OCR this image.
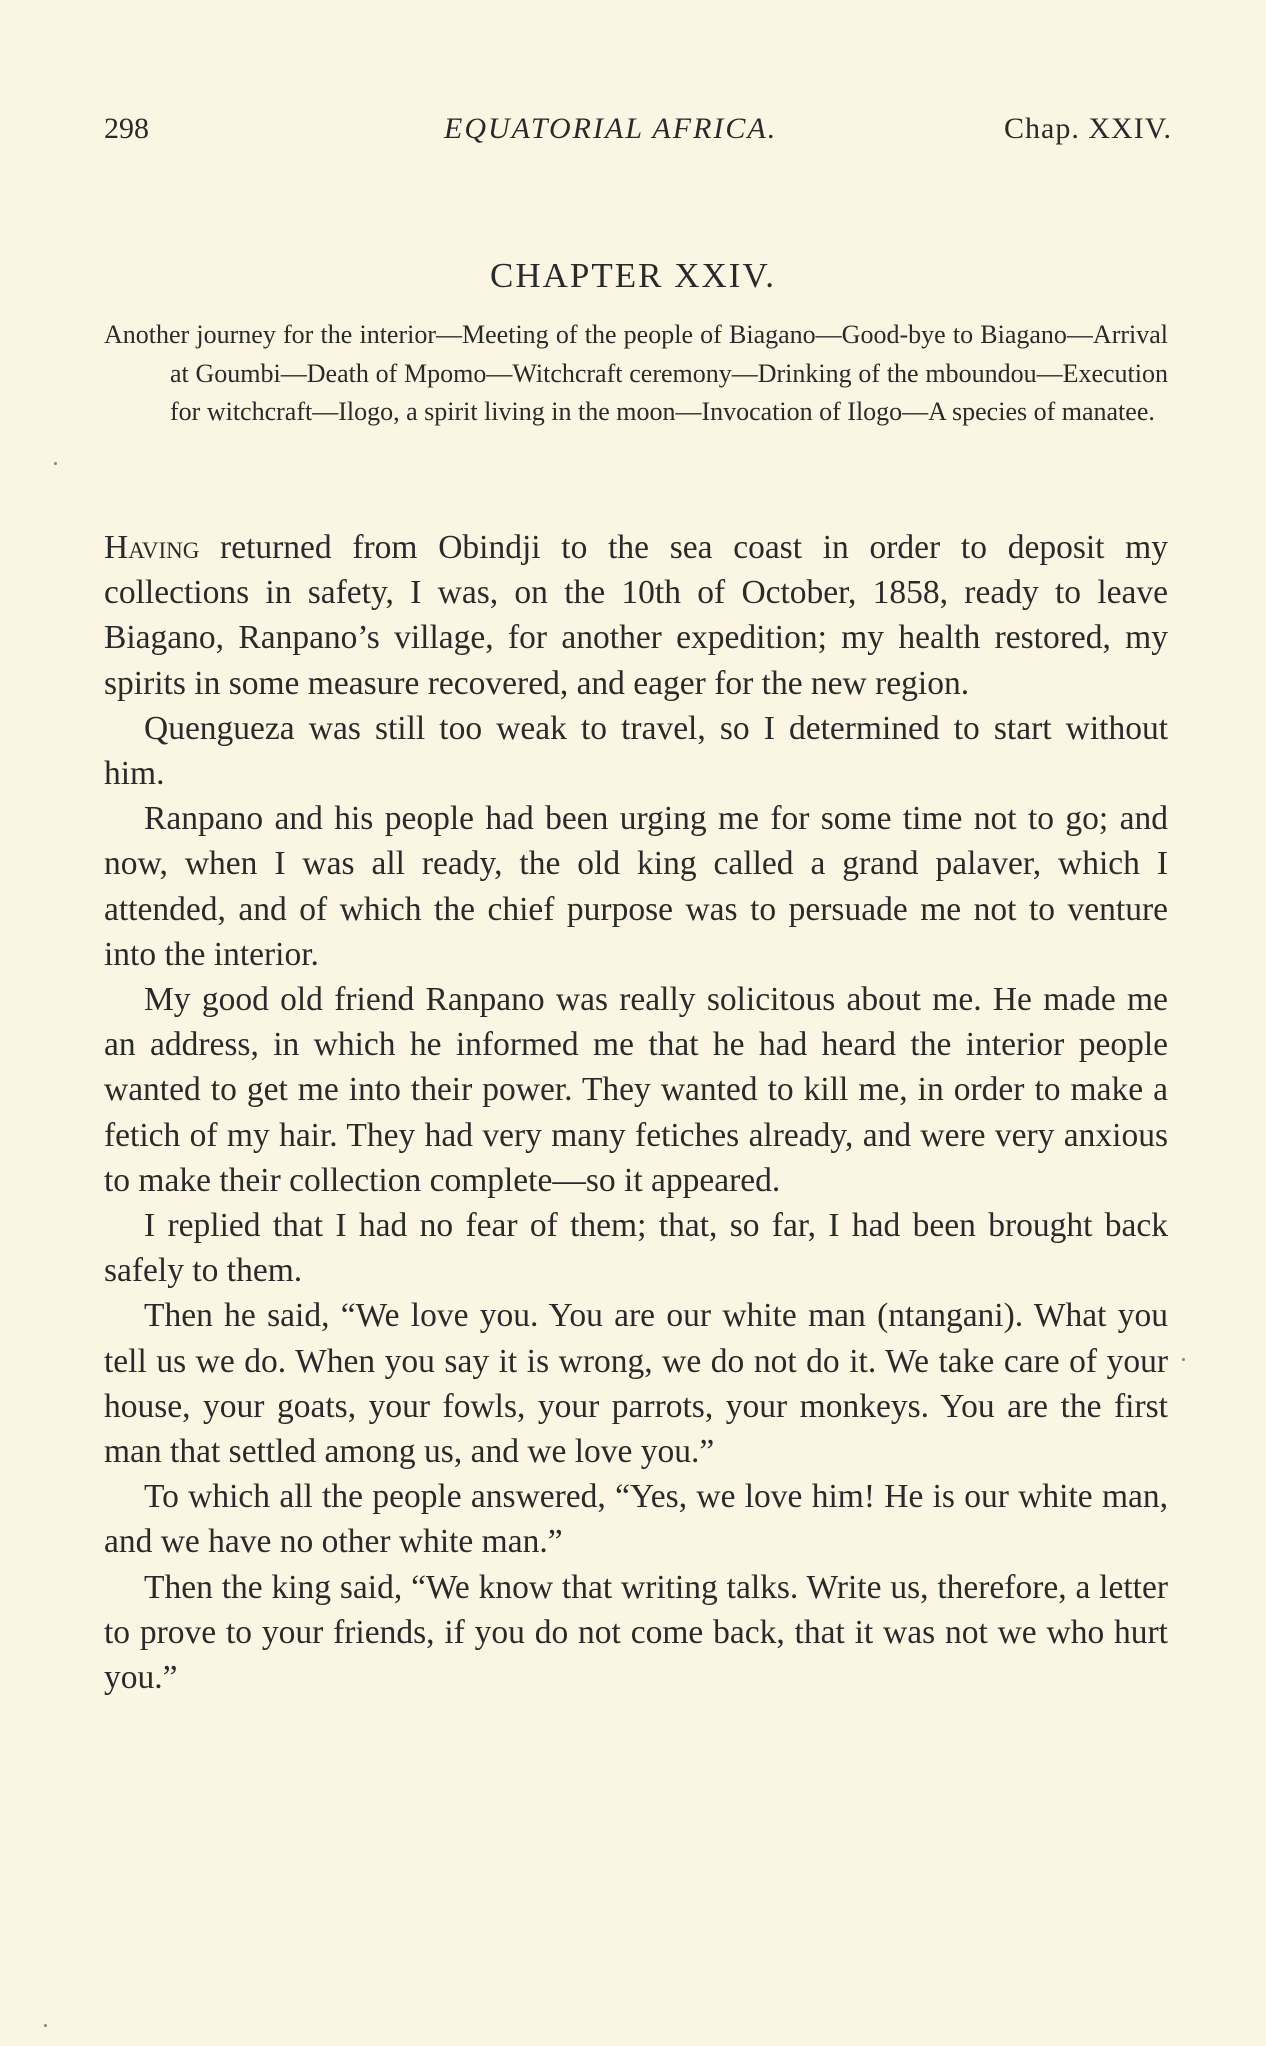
298	EQUATORIAL AFRICA.	Chap. XXIV.
CHAPTER XXIV.
Another journey for the interior—Meeting of the people of Biagano—Good-bye to Biagano—Arrival at Goumbi—Death of Mpomo—Witchcraft ceremony—Drinking of the mboundou—Execution for witchcraft—Ilogo, a spirit living in the moon—Invocation of Ilogo—A species of manatee.

Having returned from Obindji to the sea coast in order to deposit my collections in safety, I was, on the 10th of October, 1858, ready to leave Biagano, Ranpano’s village, for another expedition; my health restored, my spirits in some measure recovered, and eager for the new region.

Quengueza was still too weak to travel, so I determined to start without him.

Ranpano and his people had been urging me for some time not to go; and now, when I was all ready, the old king called a grand palaver, which I attended, and of which the chief purpose was to persuade me not to venture into the interior.

My good old friend Ranpano was really solicitous about me. He made me an address, in which he informed me that he had heard the interior people wanted to get me into their power. They wanted to kill me, in order to make a fetich of my hair. They had very many fetiches already, and were very anxious to make their collection complete—so it appeared.

I replied that I had no fear of them; that, so far, I had been brought back safely to them.

Then he said, “We love you. You are our white man (ntangani). What you tell us we do. When you say it is wrong, we do not do it. We take care of your house, your goats, your fowls, your parrots, your monkeys. You are the first man that settled among us, and we love you.”

To which all the people answered, “Yes, we love him! He is our white man, and we have no other white man.”

Then the king said, “We know that writing talks. Write us, therefore, a letter to prove to your friends, if you do not come back, that it was not we who hurt you.”
